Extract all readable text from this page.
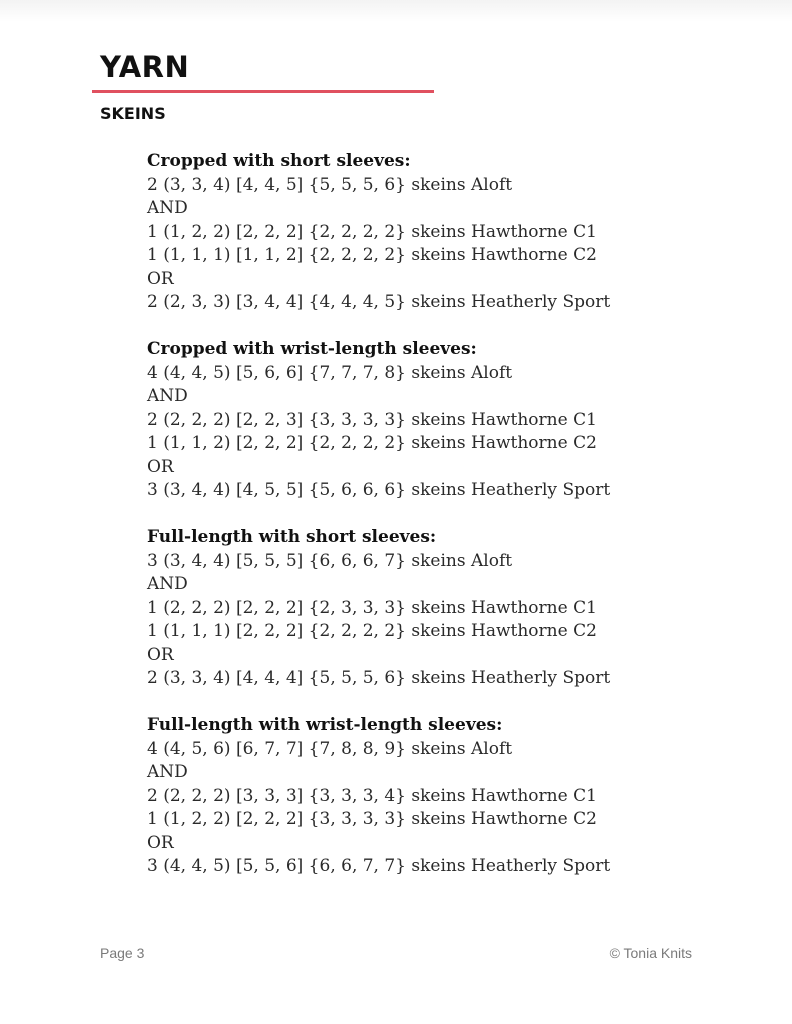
YARN
SKEINS
Cropped with short sleeves:
2 (3, 3, 4) [4, 4, 5] {5, 5, 5, 6} skeins Aloft
AND
1 (1, 2, 2) [2, 2, 2] {2, 2, 2, 2} skeins Hawthorne C1
1 (1, 1, 1) [1, 1, 2] {2, 2, 2, 2} skeins Hawthorne C2
OR
2 (2, 3, 3) [3, 4, 4] {4, 4, 4, 5} skeins Heatherly Sport
Cropped with wrist-length sleeves:
4 (4, 4, 5) [5, 6, 6] {7, 7, 7, 8} skeins Aloft
AND
2 (2, 2, 2) [2, 2, 3] {3, 3, 3, 3} skeins Hawthorne C1
1 (1, 1, 2) [2, 2, 2] {2, 2, 2, 2} skeins Hawthorne C2
OR
3 (3, 4, 4) [4, 5, 5] {5, 6, 6, 6} skeins Heatherly Sport
Full-length with short sleeves:
3 (3, 4, 4) [5, 5, 5] {6, 6, 6, 7} skeins Aloft
AND
1 (2, 2, 2) [2, 2, 2] {2, 3, 3, 3} skeins Hawthorne C1
1 (1, 1, 1) [2, 2, 2] {2, 2, 2, 2} skeins Hawthorne C2
OR
2 (3, 3, 4) [4, 4, 4] {5, 5, 5, 6} skeins Heatherly Sport
Full-length with wrist-length sleeves:
4 (4, 5, 6) [6, 7, 7] {7, 8, 8, 9} skeins Aloft
AND
2 (2, 2, 2) [3, 3, 3] {3, 3, 3, 4} skeins Hawthorne C1
1 (1, 2, 2) [2, 2, 2] {3, 3, 3, 3} skeins Hawthorne C2
OR
3 (4, 4, 5) [5, 5, 6] {6, 6, 7, 7} skeins Heatherly Sport
Page 3	© Tonia Knits
